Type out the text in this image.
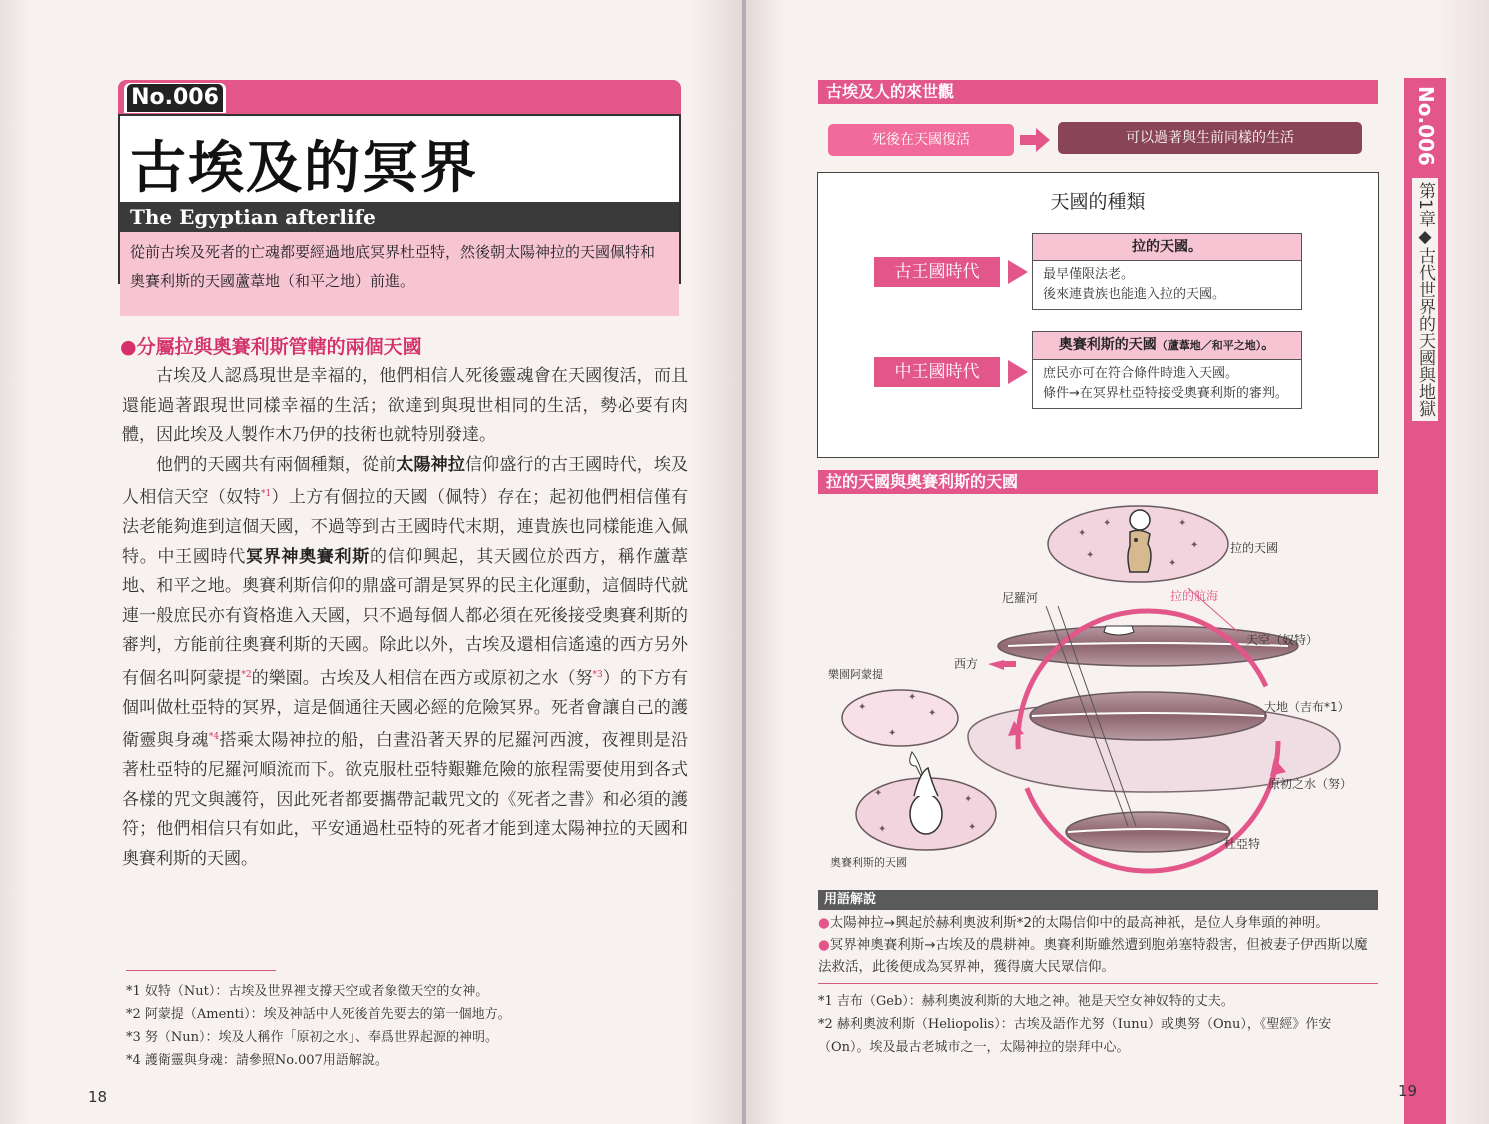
No.006
古埃及的冥界
The Egyptian afterlife
從前古埃及死者的亡魂都要經過地底冥界杜亞特，然後朝太陽神拉的天國佩特和奧賽利斯的天國蘆葦地（和平之地）前進。
●分屬拉與奧賽利斯管轄的兩個天國

古埃及人認爲現世是幸福的，他們相信人死後靈魂會在天國復活，而且還能過著跟現世同樣幸福的生活；欲達到與現世相同的生活，勢必要有肉體，因此埃及人製作木乃伊的技術也就特別發達。

他們的天國共有兩個種類，從前太陽神拉信仰盛行的古王國時代，埃及人相信天空（奴特$^{*1}$）上方有個拉的天國（佩特）存在；起初他們相信僅有法老能夠進到這個天國，不過等到古王國時代末期，連貴族也同樣能進入佩特。中王國時代冥界神奧賽利斯的信仰興起，其天國位於西方，稱作蘆葦地、和平之地。奧賽利斯信仰的鼎盛可謂是冥界的民主化運動，這個時代就連一般庶民亦有資格進入天國，只不過每個人都必須在死後接受奧賽利斯的審判，方能前往奧賽利斯的天國。除此以外，古埃及還相信遙遠的西方另外有個名叫阿蒙提$^{*2}$的樂園。古埃及人相信在西方或原初之水（努$^{*3}$）的下方有個叫做杜亞特的冥界，這是個通往天國必經的危險冥界。死者會讓自己的護衛靈與身魂$^{*4}$搭乘太陽神拉的船，白晝沿著天界的尼羅河西渡，夜裡則是沿著杜亞特的尼羅河順流而下。欲克服杜亞特艱難危險的旅程需要使用到各式各樣的咒文與護符，因此死者都要攜帶記載咒文的《死者之書》和必須的護符；他們相信只有如此，平安通過杜亞特的死者才能到達太陽神拉的天國和奧賽利斯的天國。

*1 奴特（Nut）：古埃及世界裡支撐天空或者象徵天空的女神。
*2 阿蒙提（Amenti）：埃及神話中人死後首先要去的第一個地方。
*3 努（Nun）：埃及人稱作「原初之水」、奉爲世界起源的神明。
*4 護衛靈與身魂：請參照No.007用語解說。
18
古埃及人的來世觀
死後在天國復活	可以過著與生前同樣的生活
天國的種類
古王國時代
拉的天國。
最早僅限法老。
後來連貴族也能進入拉的天國。
中王國時代
奧賽利斯的天國（蘆葦地／和平之地）。
庶民亦可在符合條件時進入天國。
條件→在冥界杜亞特接受奧賽利斯的審判。
拉的天國與奧賽利斯的天國
✦
✦
✦
✦
✦
✦
✦
✦
✦
✦
✦
✦
✦
✦
拉的天國
尼羅河	拉的航海
天空（奴特）
西方
樂園阿蒙提
大地（吉布*1）
原初之水（努）
杜亞特
奧賽利斯的天國
用語解說
●太陽神拉→興起於赫利奧波利斯*2的太陽信仰中的最高神祇，是位人身隼頭的神明。
●冥界神奧賽利斯→古埃及的農耕神。奧賽利斯雖然遭到胞弟塞特殺害，但被妻子伊西斯以魔法救活，此後便成為冥界神，獲得廣大民眾信仰。
*1 吉布（Geb）：赫利奧波利斯的大地之神。祂是天空女神奴特的丈夫。
*2 赫利奧波利斯（Heliopolis）：古埃及語作尤努（Iunu）或奧努（Onu），《聖經》作安（On）。埃及最古老城市之一，太陽神拉的崇拜中心。
No.006
第1章◆古代世界的天國與地獄
19
